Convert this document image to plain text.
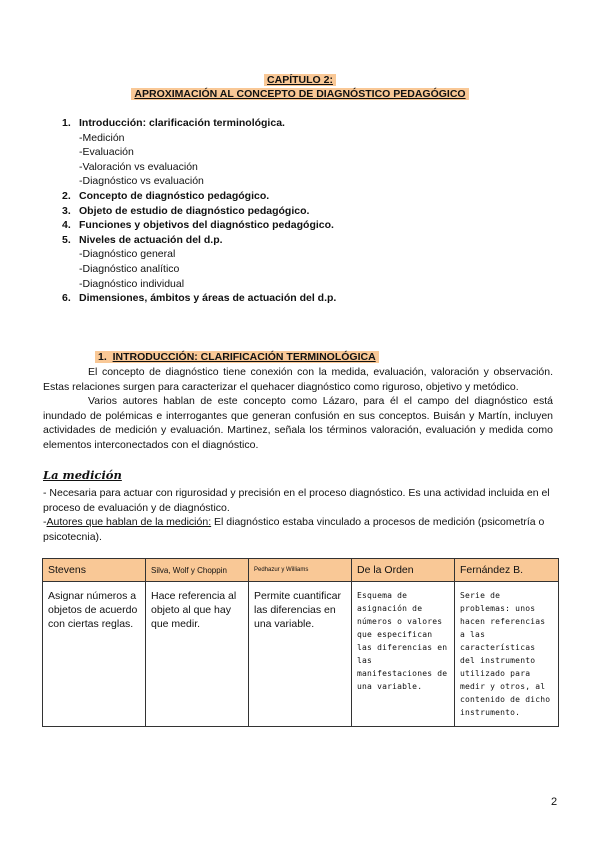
CAPÍTULO 2:
APROXIMACIÓN AL CONCEPTO DE DIAGNÓSTICO PEDAGÓGICO
1. Introducción: clarificación terminológica.
-Medición
-Evaluación
-Valoración vs evaluación
-Diagnóstico vs evaluación
2. Concepto de diagnóstico pedagógico.
3. Objeto de estudio de diagnóstico pedagógico.
4. Funciones y objetivos del diagnóstico pedagógico.
5. Niveles de actuación del d.p.
-Diagnóstico general
-Diagnóstico analítico
-Diagnóstico individual
6. Dimensiones, ámbitos y áreas de actuación del d.p.
1. INTRODUCCIÓN: CLARIFICACIÓN TERMINOLÓGICA

El concepto de diagnóstico tiene conexión con la medida, evaluación, valoración y observación. Estas relaciones surgen para caracterizar el quehacer diagnóstico como riguroso, objetivo y metódico.

Varios autores hablan de este concepto como Lázaro, para él el campo del diagnóstico está inundado de polémicas e interrogantes que generan confusión en sus conceptos. Buisán y Martín, incluyen actividades de medición y evaluación. Martinez, señala los términos valoración, evaluación y medida como elementos interconectados con el diagnóstico.

La medición

- Necesaria para actuar con rigurosidad y precisión en el proceso diagnóstico. Es una actividad incluida en el proceso de evaluación y de diagnóstico.

-Autores que hablan de la medición: El diagnóstico estaba vinculado a procesos de medición (psicometría o psicotecnia).

Stevens	Silva, Wolf y Choppin	Pedhazur y Williams	De la Orden	Fernández B.
Asignar números a objetos de acuerdo con ciertas reglas.	Hace referencia al objeto al que hay que medir.	Permite cuantificar las diferencias en una variable.	Esquema de asignación de números o valores que especifican las diferencias en las manifestaciones de una variable.	Serie de problemas: unos hacen referencias a las características del instrumento utilizado para medir y otros, al contenido de dicho instrumento.
2
